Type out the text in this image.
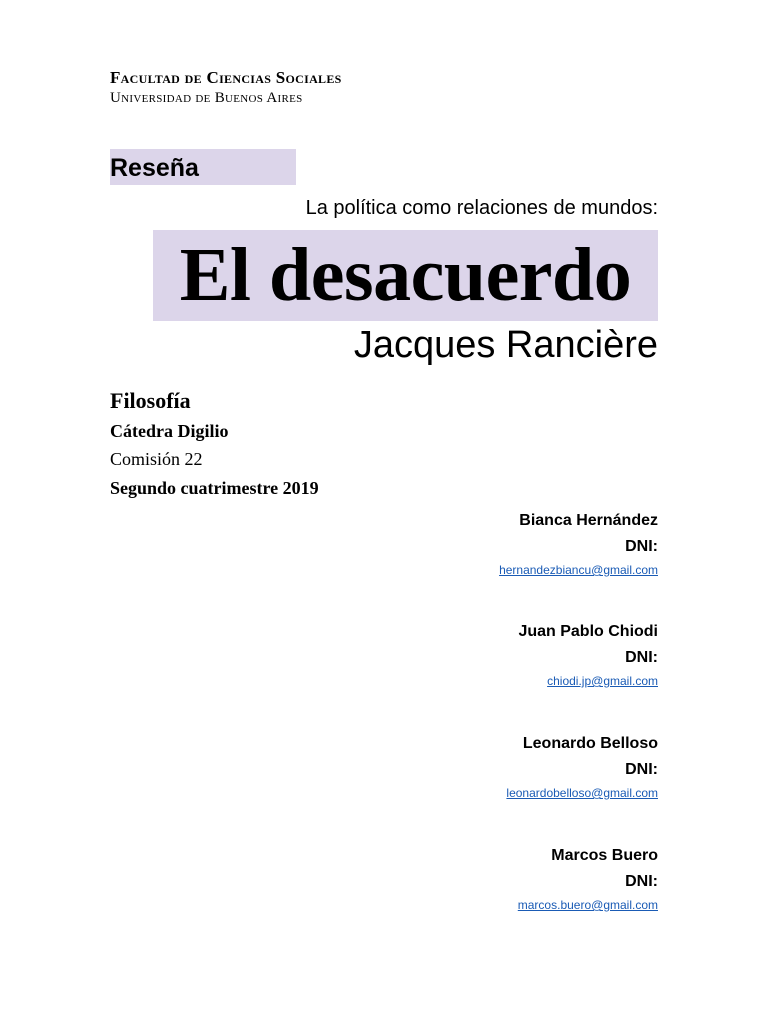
Facultad de Ciencias Sociales
Universidad de Buenos Aires
Reseña
La política como relaciones de mundos:
El desacuerdo
Jacques Rancière
Filosofía
Cátedra Digilio
Comisión 22
Segundo cuatrimestre 2019
Bianca Hernández
DNI:
hernandezbiancu@gmail.com
Juan Pablo Chiodi
DNI:
chiodi.jp@gmail.com
Leonardo Belloso
DNI:
leonardobelloso@gmail.com
Marcos Buero
DNI:
marcos.buero@gmail.com
